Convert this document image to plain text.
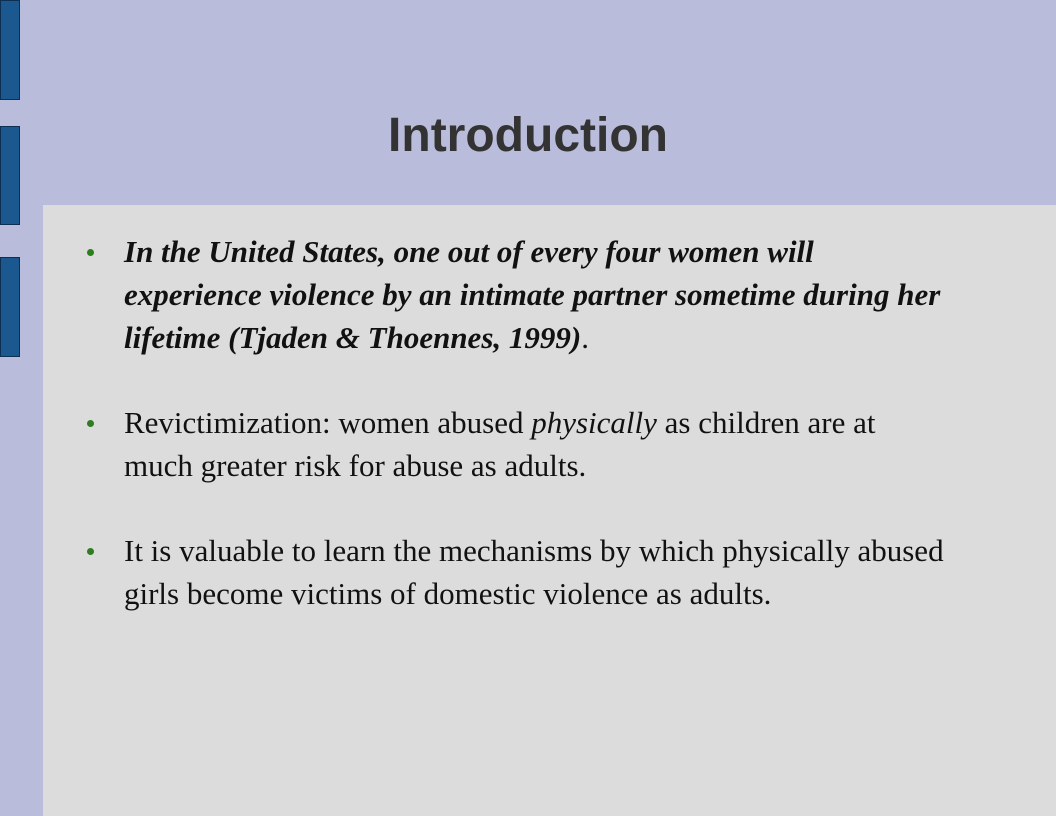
Introduction
In the United States, one out of every four women will experience violence by an intimate partner sometime during her lifetime (Tjaden & Thoennes, 1999).
Revictimization: women abused physically as children are at much greater risk for abuse as adults.
It is valuable to learn the mechanisms by which physically abused girls become victims of domestic violence as adults.
